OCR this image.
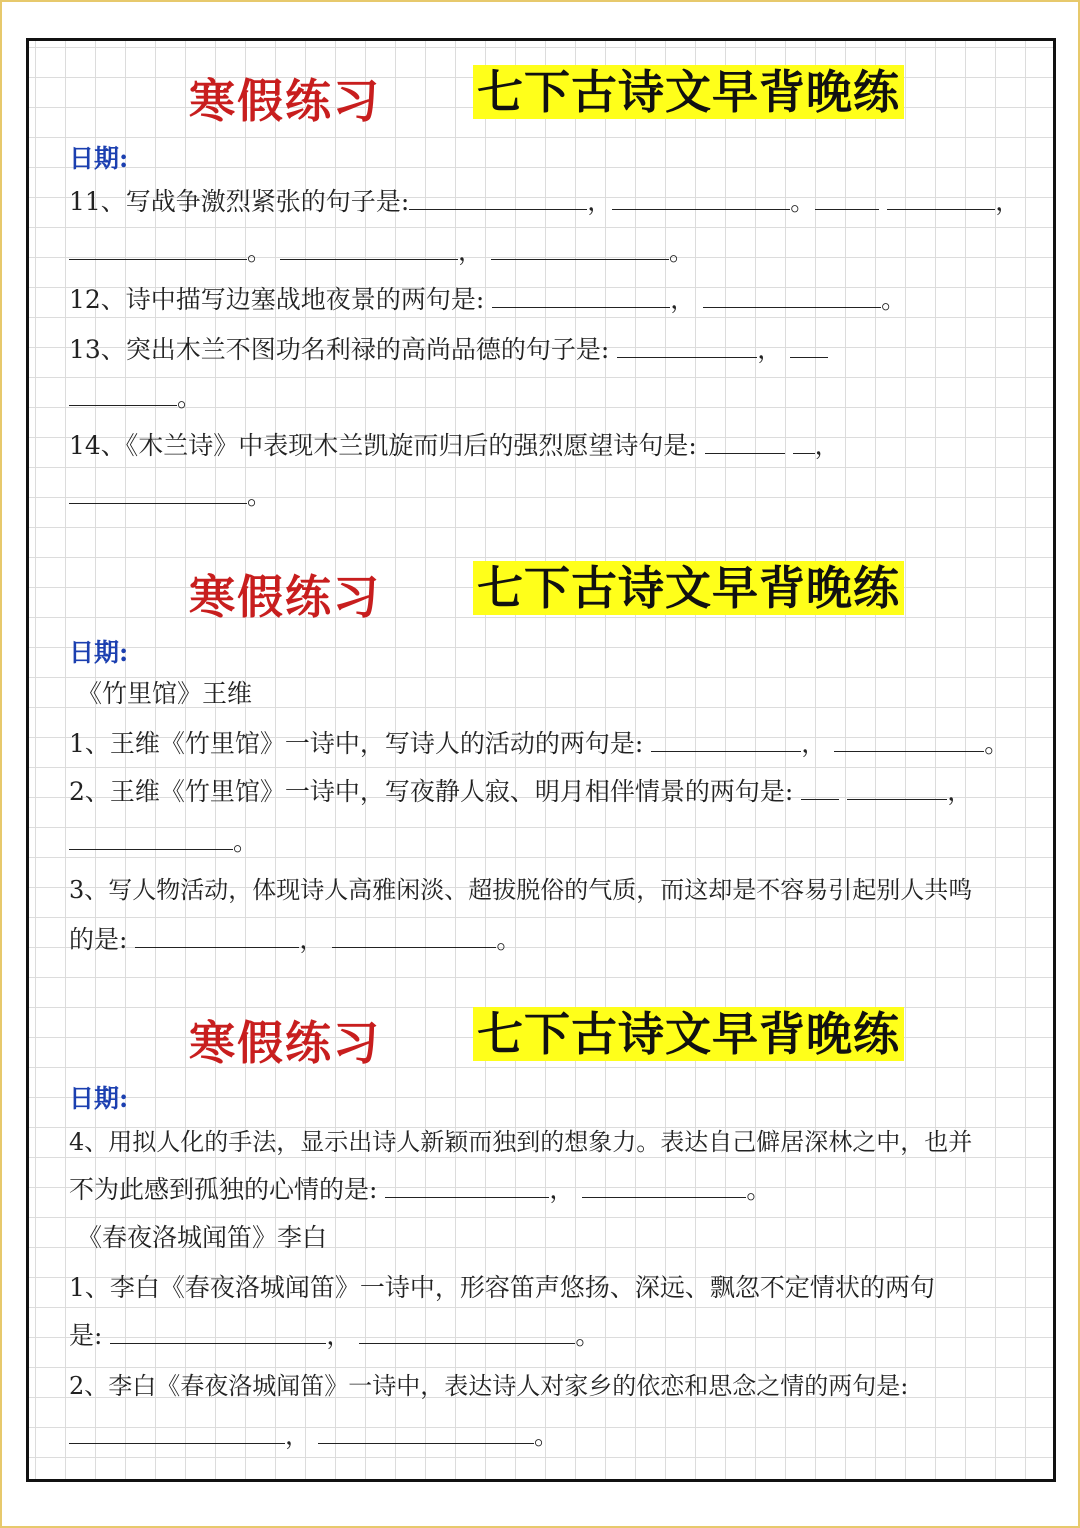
寒假练习 七下古诗文早背晚练
日期:
11、写战争激烈紧张的句子是:	，	。	，
。	，	。
12、诗中描写边塞战地夜景的两句是:	，	。
13、突出木兰不图功名利禄的高尚品德的句子是:	，
。
14、《木兰诗》中表现木兰凯旋而归后的强烈愿望诗句是:	，
。
寒假练习 七下古诗文早背晚练
日期:
《竹里馆》王维
1、王维《竹里馆》一诗中，写诗人的活动的两句是:	，	。
2、王维《竹里馆》一诗中，写夜静人寂、明月相伴情景的两句是:	，
。
3、写人物活动，体现诗人高雅闲淡、超拔脱俗的气质，而这却是不容易引起别人共鸣
的是:	，	。
寒假练习 七下古诗文早背晚练
日期:
4、用拟人化的手法，显示出诗人新颖而独到的想象力。表达自己僻居深林之中，也并
不为此感到孤独的心情的是:	，	。
《春夜洛城闻笛》李白
1、李白《春夜洛城闻笛》一诗中，形容笛声悠扬、深远、飘忽不定情状的两句
是:	，	。
2、李白《春夜洛城闻笛》一诗中，表达诗人对家乡的依恋和思念之情的两句是:
，	。
